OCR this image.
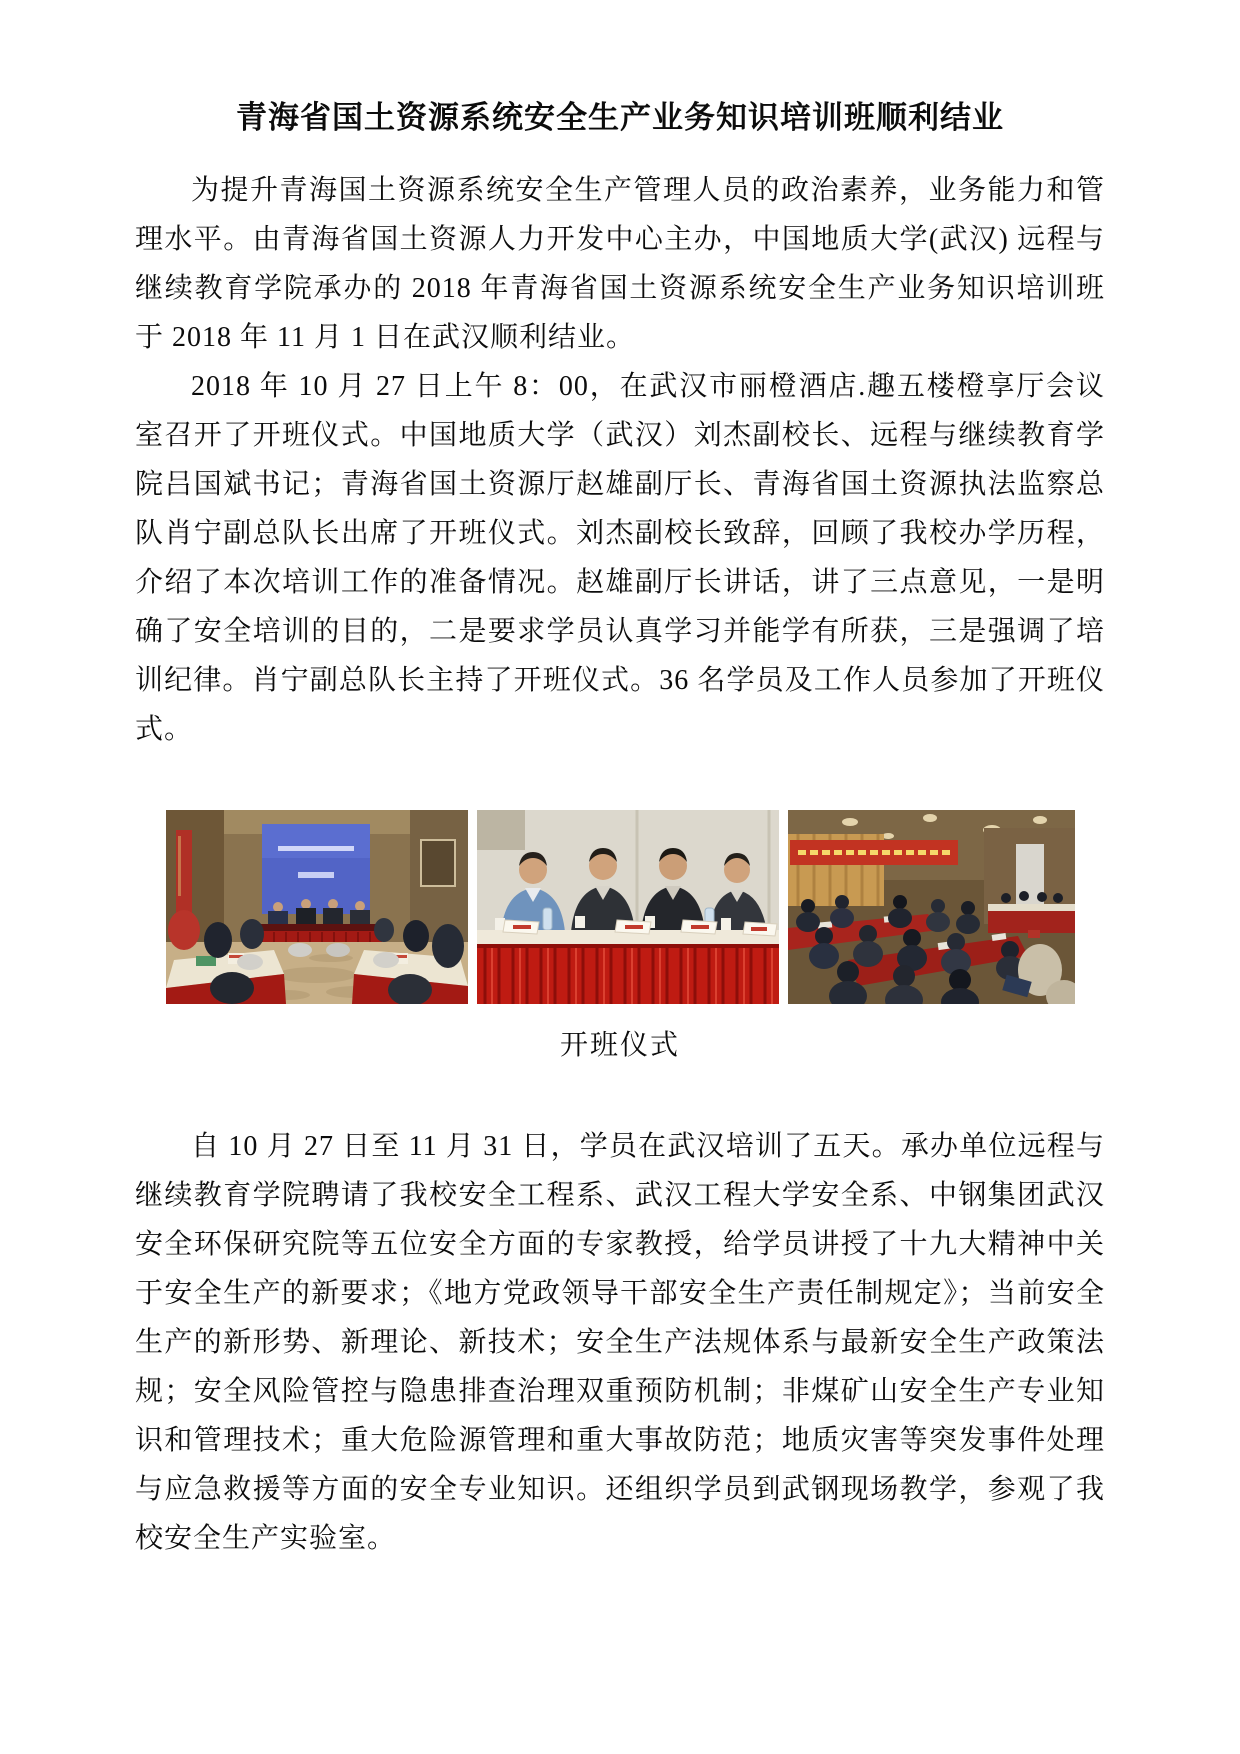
青海省国土资源系统安全生产业务知识培训班顺利结业

为提升青海国土资源系统安全生产管理人员的政治素养，业务能力和管理水平。由青海省国土资源人力开发中心主办，中国地质大学(武汉) 远程与继续教育学院承办的 2018 年青海省国土资源系统安全生产业务知识培训班于 2018 年 11 月 1 日在武汉顺利结业。

2018 年 10 月 27 日上午 8：00，在武汉市丽橙酒店.趣五楼橙享厅会议室召开了开班仪式。中国地质大学（武汉）刘杰副校长、远程与继续教育学院吕国斌书记；青海省国土资源厅赵雄副厅长、青海省国土资源执法监察总队肖宁副总队长出席了开班仪式。刘杰副校长致辞，回顾了我校办学历程，介绍了本次培训工作的准备情况。赵雄副厅长讲话，讲了三点意见，一是明确了安全培训的目的，二是要求学员认真学习并能学有所获，三是强调了培训纪律。肖宁副总队长主持了开班仪式。36 名学员及工作人员参加了开班仪式。

开班仪式

自 10 月 27 日至 11 月 31 日，学员在武汉培训了五天。承办单位远程与继续教育学院聘请了我校安全工程系、武汉工程大学安全系、中钢集团武汉安全环保研究院等五位安全方面的专家教授，给学员讲授了十九大精神中关于安全生产的新要求；《地方党政领导干部安全生产责任制规定》；当前安全生产的新形势、新理论、新技术；安全生产法规体系与最新安全生产政策法规；安全风险管控与隐患排查治理双重预防机制；非煤矿山安全生产专业知识和管理技术；重大危险源管理和重大事故防范；地质灾害等突发事件处理与应急救援等方面的安全专业知识。还组织学员到武钢现场教学，参观了我校安全生产实验室。
